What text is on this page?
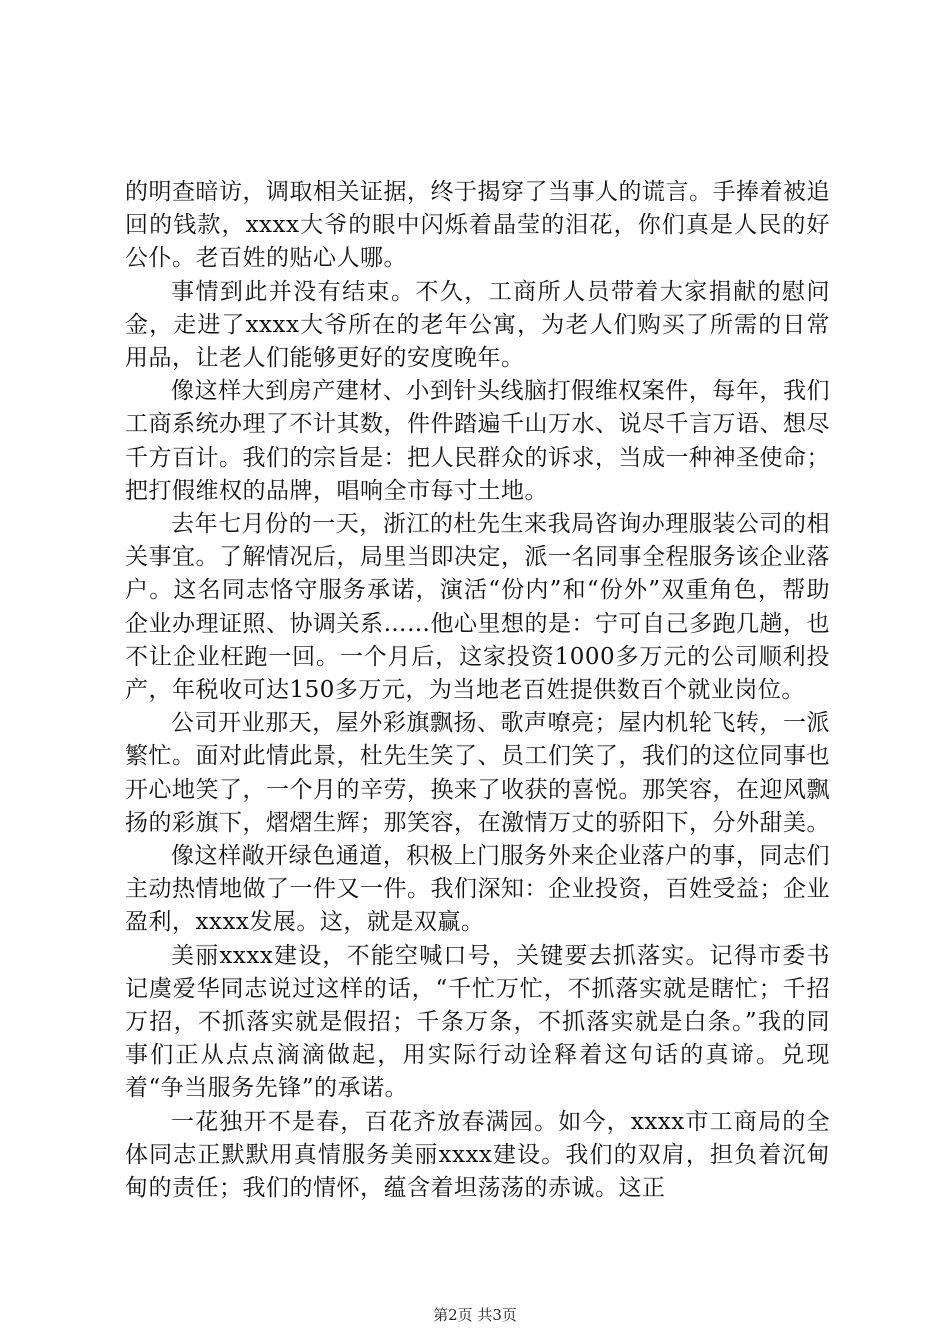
的明查暗访，调取相关证据，终于揭穿了当事人的谎言。手捧着被追回的钱款，xxxx大爷的眼中闪烁着晶莹的泪花，你们真是人民的好公仆。老百姓的贴心人哪。

事情到此并没有结束。不久，工商所人员带着大家捐献的慰问金，走进了xxxx大爷所在的老年公寓，为老人们购买了所需的日常用品，让老人们能够更好的安度晚年。

像这样大到房产建材、小到针头线脑打假维权案件，每年，我们工商系统办理了不计其数，件件踏遍千山万水、说尽千言万语、想尽千方百计。我们的宗旨是：把人民群众的诉求，当成一种神圣使命；把打假维权的品牌，唱响全市每寸土地。

去年七月份的一天，浙江的杜先生来我局咨询办理服装公司的相关事宜。了解情况后，局里当即决定，派一名同事全程服务该企业落户。这名同志恪守服务承诺，演活“份内”和“份外”双重角色，帮助企业办理证照、协调关系……他心里想的是：宁可自己多跑几趟，也不让企业枉跑一回。一个月后，这家投资1000多万元的公司顺利投产，年税收可达150多万元，为当地老百姓提供数百个就业岗位。

公司开业那天，屋外彩旗飘扬、歌声嘹亮；屋内机轮飞转，一派繁忙。面对此情此景，杜先生笑了、员工们笑了，我们的这位同事也开心地笑了，一个月的辛劳，换来了收获的喜悦。那笑容，在迎风飘扬的彩旗下，熠熠生辉；那笑容，在激情万丈的骄阳下，分外甜美。

像这样敞开绿色通道，积极上门服务外来企业落户的事，同志们主动热情地做了一件又一件。我们深知：企业投资，百姓受益；企业盈利，xxxx发展。这，就是双赢。

美丽xxxx建设，不能空喊口号，关键要去抓落实。记得市委书记虞爱华同志说过这样的话，“千忙万忙，不抓落实就是瞎忙；千招万招，不抓落实就是假招；千条万条，不抓落实就是白条。”我的同事们正从点点滴滴做起，用实际行动诠释着这句话的真谛。兑现着“争当服务先锋”的承诺。

一花独开不是春，百花齐放春满园。如今，xxxx市工商局的全体同志正默默用真情服务美丽xxxx建设。我们的双肩，担负着沉甸甸的责任；我们的情怀，蕴含着坦荡荡的赤诚。这正

第2页 共3页
